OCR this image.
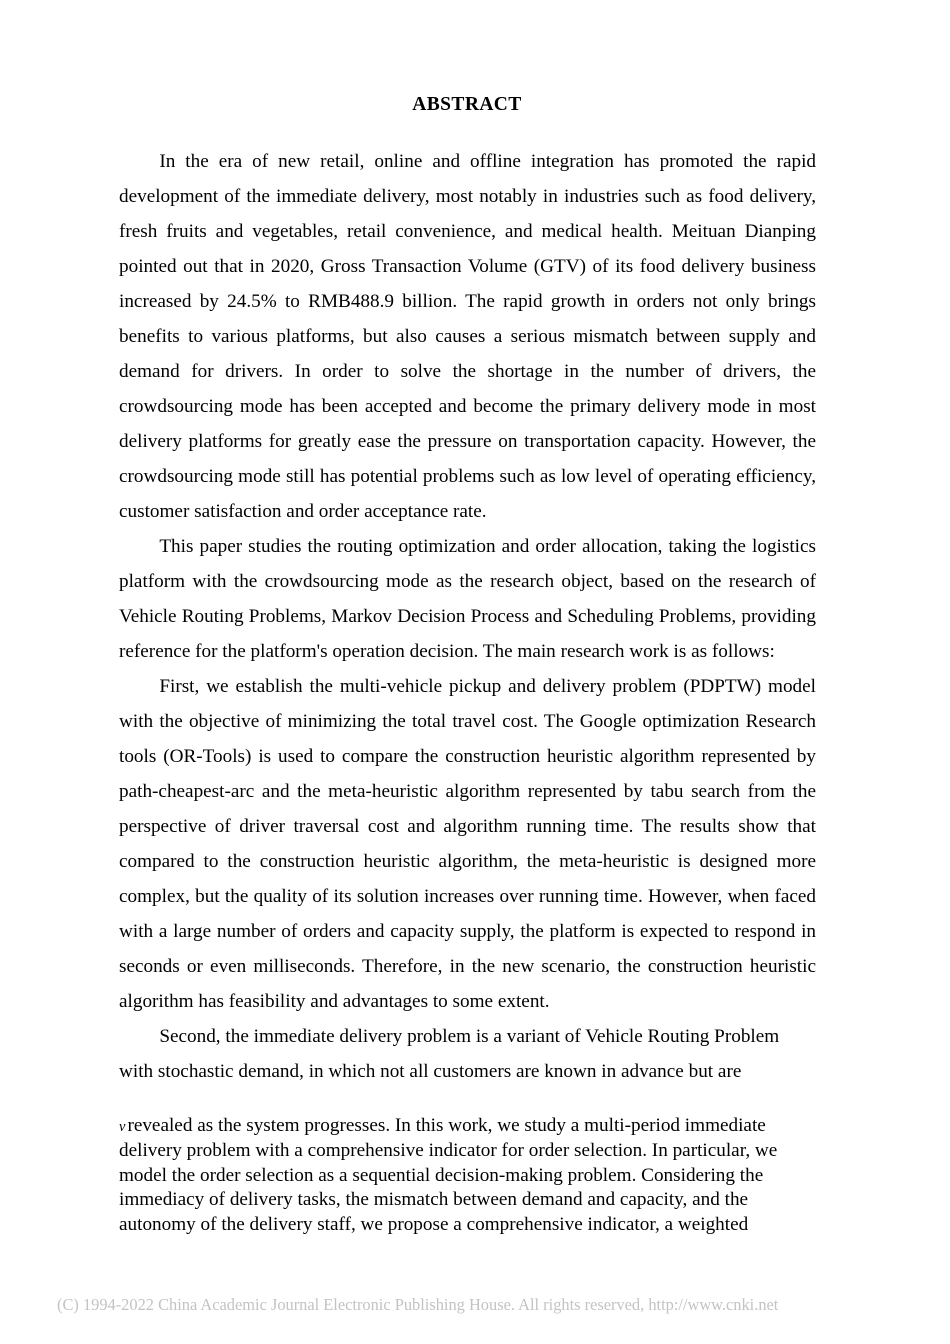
ABSTRACT

In the era of new retail, online and offline integration has promoted the rapid development of the immediate delivery, most notably in industries such as food delivery, fresh fruits and vegetables, retail convenience, and medical health. Meituan Dianping pointed out that in 2020, Gross Transaction Volume (GTV) of its food delivery business increased by 24.5% to RMB488.9 billion. The rapid growth in orders not only brings benefits to various platforms, but also causes a serious mismatch between supply and demand for drivers. In order to solve the shortage in the number of drivers, the crowdsourcing mode has been accepted and become the primary delivery mode in most delivery platforms for greatly ease the pressure on transportation capacity. However, the crowdsourcing mode still has potential problems such as low level of operating efficiency, customer satisfaction and order acceptance rate.

This paper studies the routing optimization and order allocation, taking the logistics platform with the crowdsourcing mode as the research object, based on the research of Vehicle Routing Problems, Markov Decision Process and Scheduling Problems, providing reference for the platform's operation decision. The main research work is as follows:

First, we establish the multi-vehicle pickup and delivery problem (PDPTW) model with the objective of minimizing the total travel cost. The Google optimization Research tools (OR-Tools) is used to compare the construction heuristic algorithm represented by path-cheapest-arc and the meta-heuristic algorithm represented by tabu search from the perspective of driver traversal cost and algorithm running time. The results show that compared to the construction heuristic algorithm, the meta-heuristic is designed more complex, but the quality of its solution increases over running time. However, when faced with a large number of orders and capacity supply, the platform is expected to respond in seconds or even milliseconds. Therefore, in the new scenario, the construction heuristic algorithm has feasibility and advantages to some extent.

Second, the immediate delivery problem is a variant of Vehicle Routing Problem with stochastic demand, in which not all customers are known in advance but are

v revealed as the system progresses. In this work, we study a multi-period immediate delivery problem with a comprehensive indicator for order selection. In particular, we model the order selection as a sequential decision-making problem. Considering the immediacy of delivery tasks, the mismatch between demand and capacity, and the autonomy of the delivery staff, we propose a comprehensive indicator, a weighted

(C) 1994-2022 China Academic Journal Electronic Publishing House. All rights reserved, http://www.cnki.net
